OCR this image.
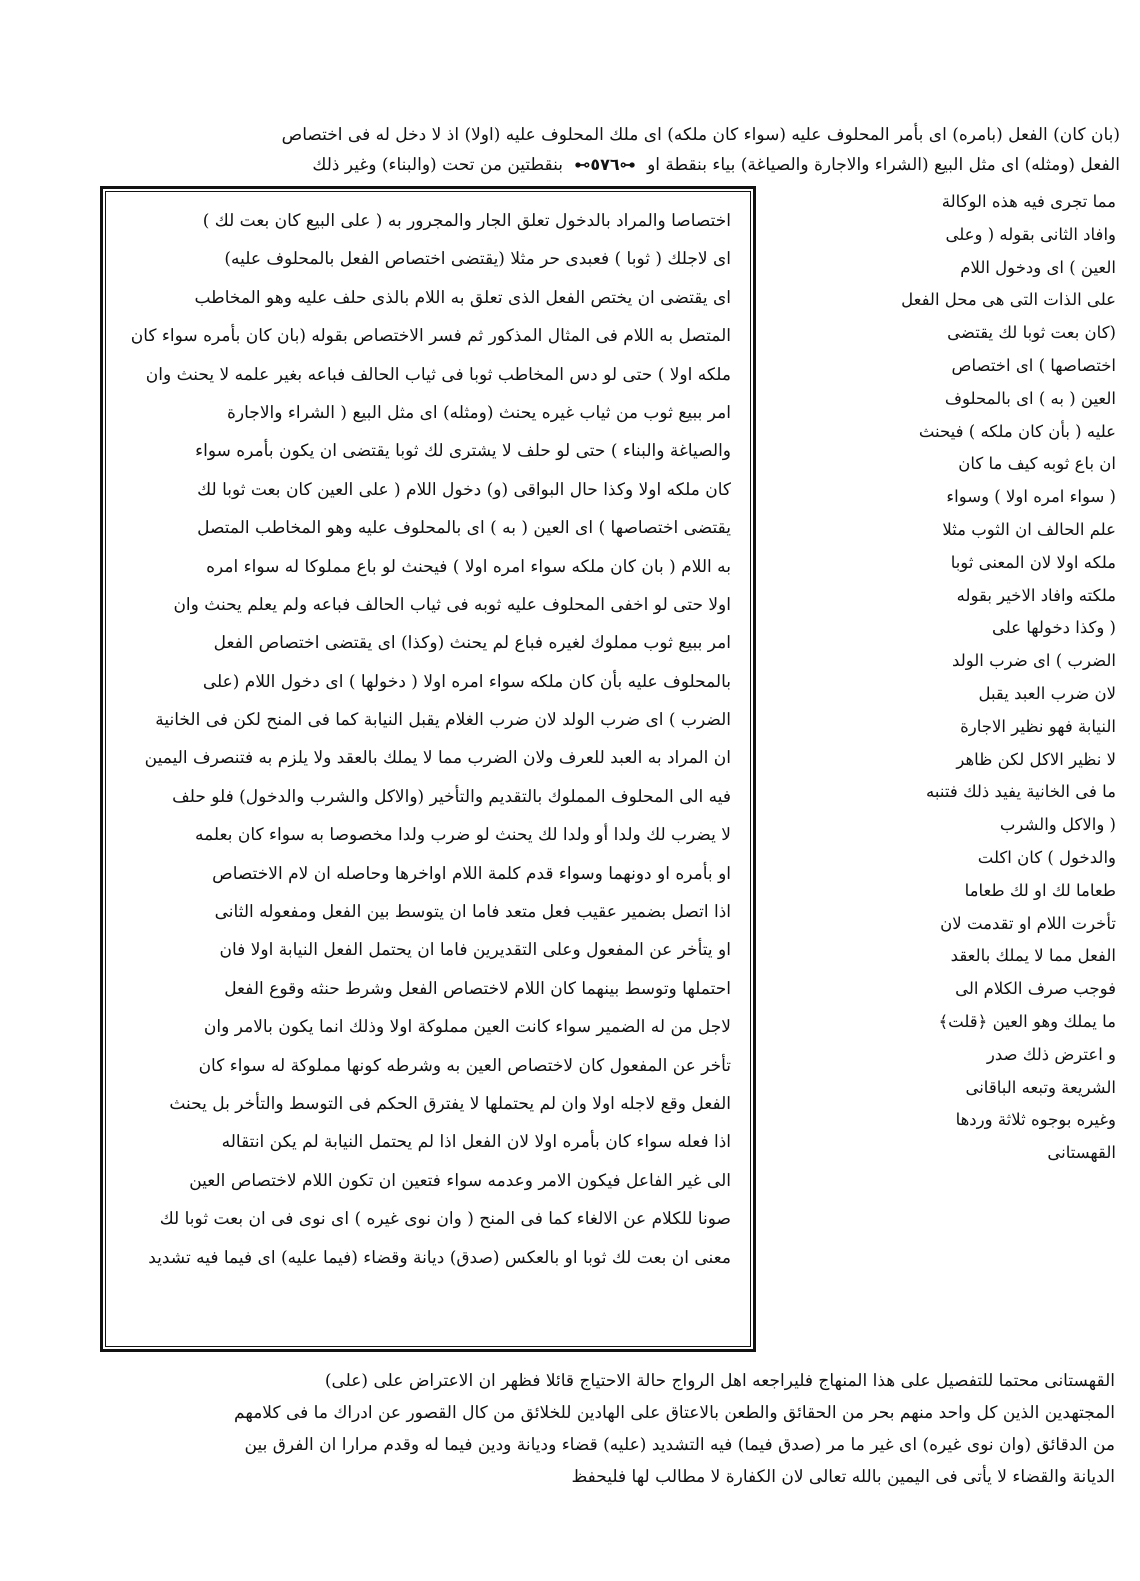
(بان كان) الفعل (بامره) اى بأمر المحلوف عليه (سواء كان ملكه) اى ملك المحلوف عليه (اولا) اذ لا دخل له فى اختصاص
الفعل (ومثله) اى مثل البيع (الشراء والاجارة والصياغة) بياء بنقطة او ⊷٥٧٦⊶ بنقطتين من تحت (والبناء) وغير ذلك
مما تجرى فيه هذه الوكالة
وافاد الثانى بقوله ( وعلى
العين ) اى ودخول اللام
على الذات التى هى محل الفعل
(كان بعت ثوبا لك يقتضى
اختصاصها ) اى اختصاص
العين ( به ) اى بالمحلوف
عليه ( بأن كان ملكه ) فيحنث
ان باع ثوبه كيف ما كان
( سواء امره اولا ) وسواء
علم الحالف ان الثوب مثلا
ملكه اولا لان المعنى ثوبا
ملكته وافاد الاخير بقوله
( وكذا دخولها على
الضرب ) اى ضرب الولد
لان ضرب العبد يقبل
النيابة فهو نظير الاجارة
لا نظير الاكل لكن ظاهر
ما فى الخانية يفيد ذلك فتنبه
( والاكل والشرب
والدخول ) كان اكلت
طعاما لك او لك طعاما
تأخرت اللام او تقدمت لان
الفعل مما لا يملك بالعقد
فوجب صرف الكلام الى
ما يملك وهو العين ﴿قلت﴾
و اعترض ذلك صدر
الشريعة وتبعه الباقانى
وغيره بوجوه ثلاثة وردها
القهستانى
اختصاصا والمراد بالدخول تعلق الجار والمجرور به ( على البيع كان بعت لك )
اى لاجلك ( ثوبا ) فعبدى حر مثلا (يقتضى اختصاص الفعل بالمحلوف عليه)
اى يقتضى ان يختص الفعل الذى تعلق به اللام بالذى حلف عليه وهو المخاطب
المتصل به اللام فى المثال المذكور ثم فسر الاختصاص بقوله (بان كان بأمره سواء كان
ملكه اولا ) حتى لو دس المخاطب ثوبا فى ثياب الحالف فباعه بغير علمه لا يحنث وان
امر ببيع ثوب من ثياب غيره يحنث (ومثله) اى مثل البيع ( الشراء والاجارة
والصياغة والبناء ) حتى لو حلف لا يشترى لك ثوبا يقتضى ان يكون بأمره سواء
كان ملكه اولا وكذا حال البواقى (و) دخول اللام ( على العين كان بعت ثوبا لك
يقتضى اختصاصها ) اى العين ( به ) اى بالمحلوف عليه وهو المخاطب المتصل
به اللام ( بان كان ملكه سواء امره اولا ) فيحنث لو باع مملوكا له سواء امره
اولا حتى لو اخفى المحلوف عليه ثوبه فى ثياب الحالف فباعه ولم يعلم يحنث وان
امر ببيع ثوب مملوك لغيره فباع لم يحنث (وكذا) اى يقتضى اختصاص الفعل
بالمحلوف عليه بأن كان ملكه سواء امره اولا ( دخولها ) اى دخول اللام (على
الضرب ) اى ضرب الولد لان ضرب الغلام يقبل النيابة كما فى المنح لكن فى الخانية
ان المراد به العبد للعرف ولان الضرب مما لا يملك بالعقد ولا يلزم به فتنصرف اليمين
فيه الى المحلوف المملوك بالتقديم والتأخير (والاكل والشرب والدخول) فلو حلف
لا يضرب لك ولدا أو ولدا لك يحنث لو ضرب ولدا مخصوصا به سواء كان بعلمه
او بأمره او دونهما وسواء قدم كلمة اللام اواخرها وحاصله ان لام الاختصاص
اذا اتصل بضمير عقيب فعل متعد فاما ان يتوسط بين الفعل ومفعوله الثانى
او يتأخر عن المفعول وعلى التقديرين فاما ان يحتمل الفعل النيابة اولا فان
احتملها وتوسط بينهما كان اللام لاختصاص الفعل وشرط حنثه وقوع الفعل
لاجل من له الضمير سواء كانت العين مملوكة اولا وذلك انما يكون بالامر وان
تأخر عن المفعول كان لاختصاص العين به وشرطه كونها مملوكة له سواء كان
الفعل وقع لاجله اولا وان لم يحتملها لا يفترق الحكم فى التوسط والتأخر بل يحنث
اذا فعله سواء كان بأمره اولا لان الفعل اذا لم يحتمل النيابة لم يكن انتقاله
الى غير الفاعل فيكون الامر وعدمه سواء فتعين ان تكون اللام لاختصاص العين
صونا للكلام عن الالغاء كما فى المنح ( وان نوى غيره ) اى نوى فى ان بعت ثوبا لك
معنى ان بعت لك ثوبا او بالعكس (صدق) ديانة وقضاء (فيما عليه) اى فيما فيه تشديد
القهستانى محتما للتفصيل على هذا المنهاج فليراجعه اهل الرواج حالة الاحتياج قائلا فظهر ان الاعتراض على (على)
المجتهدين الذين كل واحد منهم بحر من الحقائق والطعن بالاعتاق على الهادين للخلائق من كال القصور عن ادراك ما فى كلامهم
من الدقائق (وان نوى غيره) اى غير ما مر (صدق فيما) فيه التشديد (عليه) قضاء وديانة ودين فيما له وقدم مرارا ان الفرق بين
الديانة والقضاء لا يأتى فى اليمين بالله تعالى لان الكفارة لا مطالب لها فليحفظ
